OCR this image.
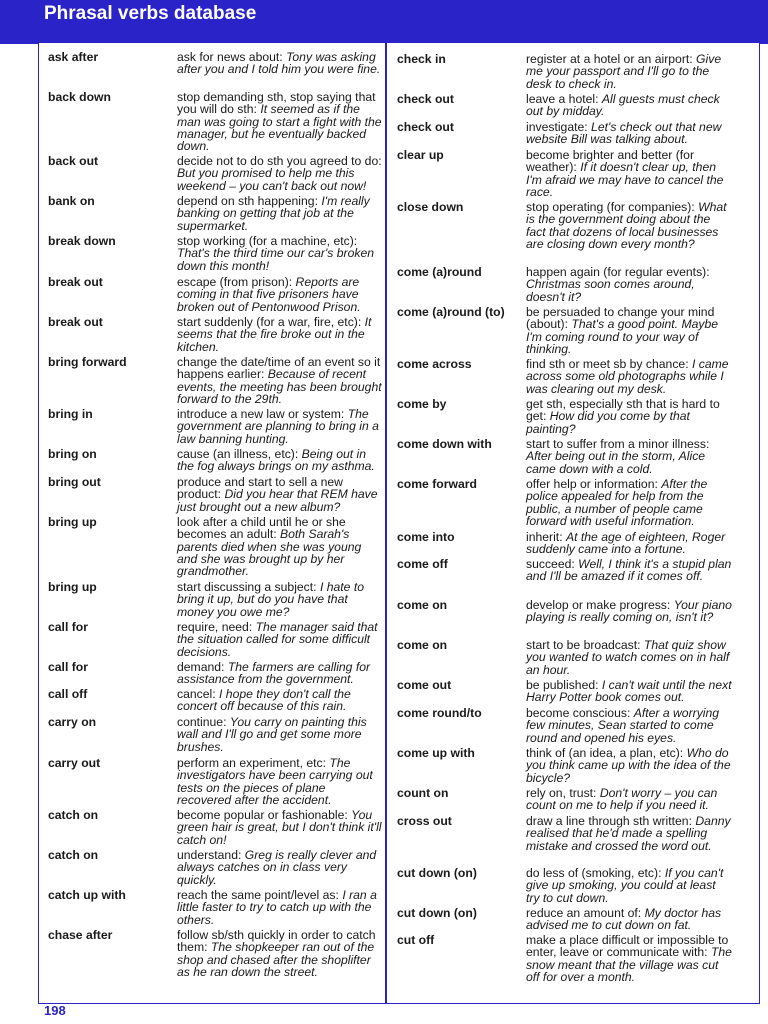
Phrasal verbs database
ask after	ask for news about: Tony was asking after you and I told him you were fine.
back down	stop demanding sth, stop saying that you will do sth: It seemed as if the man was going to start a fight with the manager, but he eventually backed down.
back out	decide not to do sth you agreed to do: But you promised to help me this weekend – you can't back out now!
bank on	depend on sth happening: I'm really banking on getting that job at the supermarket.
break down	stop working (for a machine, etc): That's the third time our car's broken down this month!
break out	escape (from prison): Reports are coming in that five prisoners have broken out of Pentonwood Prison.
break out	start suddenly (for a war, fire, etc): It seems that the fire broke out in the kitchen.
bring forward	change the date/time of an event so it happens earlier: Because of recent events, the meeting has been brought forward to the 29th.
bring in	introduce a new law or system: The government are planning to bring in a law banning hunting.
bring on	cause (an illness, etc): Being out in the fog always brings on my asthma.
bring out	produce and start to sell a new product: Did you hear that REM have just brought out a new album?
bring up	look after a child until he or she becomes an adult: Both Sarah's parents died when she was young and she was brought up by her grandmother.
bring up	start discussing a subject: I hate to bring it up, but do you have that money you owe me?
call for	require, need: The manager said that the situation called for some difficult decisions.
call for	demand: The farmers are calling for assistance from the government.
call off	cancel: I hope they don't call the concert off because of this rain.
carry on	continue: You carry on painting this wall and I'll go and get some more brushes.
carry out	perform an experiment, etc: The investigators have been carrying out tests on the pieces of plane recovered after the accident.
catch on	become popular or fashionable: You green hair is great, but I don't think it'll catch on!
catch on	understand: Greg is really clever and always catches on in class very quickly.
catch up with	reach the same point/level as: I ran a little faster to try to catch up with the others.
chase after	follow sb/sth quickly in order to catch them: The shopkeeper ran out of the shop and chased after the shoplifter as he ran down the street.
check in	register at a hotel or an airport: Give me your passport and I'll go to the desk to check in.
check out	leave a hotel: All guests must check out by midday.
check out	investigate: Let's check out that new website Bill was talking about.
clear up	become brighter and better (for weather): If it doesn't clear up, then I'm afraid we may have to cancel the race.
close down	stop operating (for companies): What is the government doing about the fact that dozens of local businesses are closing down every month?
come (a)round	happen again (for regular events): Christmas soon comes around, doesn't it?
come (a)round (to) be persuaded to change your mind (about): That's a good point. Maybe I'm coming round to your way of thinking.
come across	find sth or meet sb by chance: I came across some old photographs while I was clearing out my desk.
come by	get sth, especially sth that is hard to get: How did you come by that painting?
come down with	start to suffer from a minor illness: After being out in the storm, Alice came down with a cold.
come forward	offer help or information: After the police appealed for help from the public, a number of people came forward with useful information.
come into	inherit: At the age of eighteen, Roger suddenly came into a fortune.
come off	succeed: Well, I think it's a stupid plan and I'll be amazed if it comes off.
come on	develop or make progress: Your piano playing is really coming on, isn't it?
come on	start to be broadcast: That quiz show you wanted to watch comes on in half an hour.
come out	be published: I can't wait until the next Harry Potter book comes out.
come round/to	become conscious: After a worrying few minutes, Sean started to come round and opened his eyes.
come up with	think of (an idea, a plan, etc): Who do you think came up with the idea of the bicycle?
count on	rely on, trust: Don't worry – you can count on me to help if you need it.
cross out	draw a line through sth written: Danny realised that he'd made a spelling mistake and crossed the word out.
cut down (on)	do less of (smoking, etc): If you can't give up smoking, you could at least try to cut down.
cut down (on)	reduce an amount of: My doctor has advised me to cut down on fat.
cut off	make a place difficult or impossible to enter, leave or communicate with: The snow meant that the village was cut off for over a month.
198
